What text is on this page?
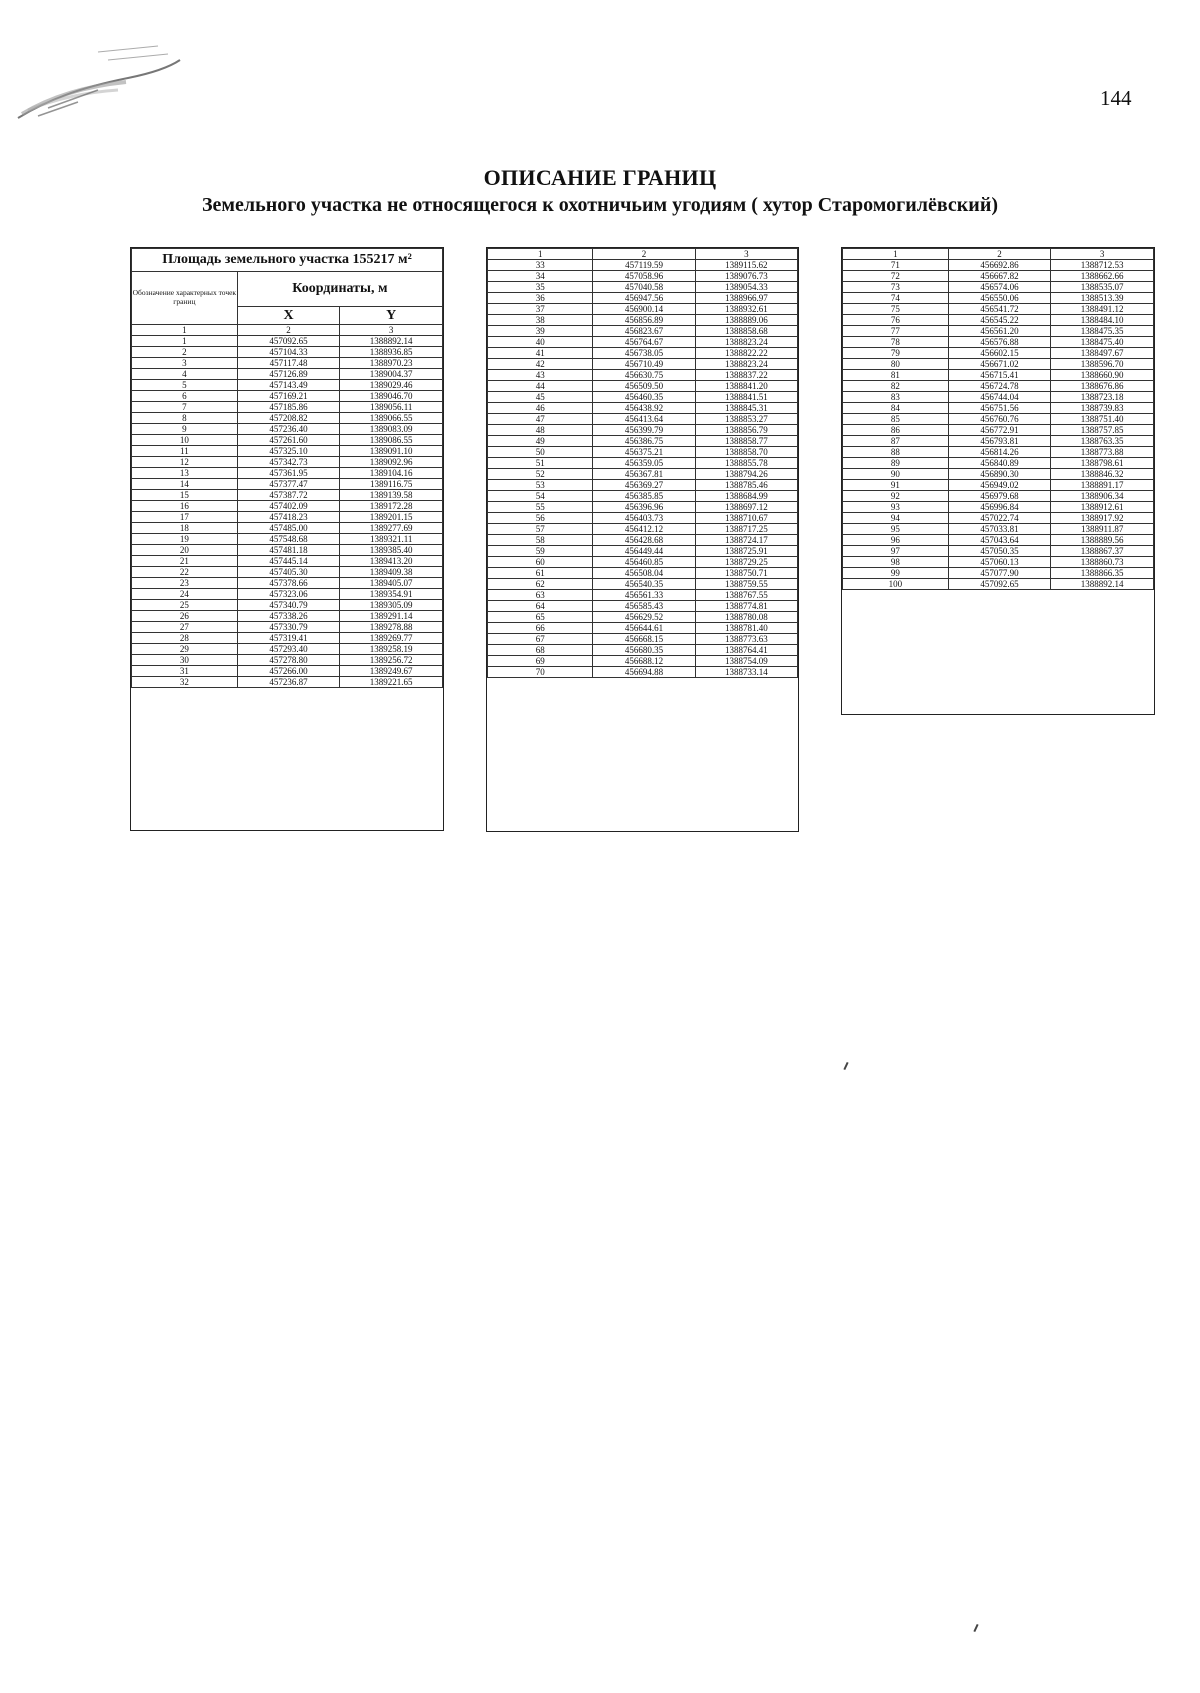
144
ОПИСАНИЕ ГРАНИЦ
Земельного участка не относящегося к охотничьим угодиям ( хутор Старомогилёвский)
Площадь земельного участка 155217 м²		
Обозначение характерных точек границ	Координаты, м	
	X	Y
1	2	3
1	457092.65	1388892.14
2	457104.33	1388936.85
3	457117.48	1388970.23
4	457126.89	1389004.37
5	457143.49	1389029.46
6	457169.21	1389046.70
7	457185.86	1389056.11
8	457208.82	1389066.55
9	457236.40	1389083.09
10	457261.60	1389086.55
11	457325.10	1389091.10
12	457342.73	1389092.96
13	457361.95	1389104.16
14	457377.47	1389116.75
15	457387.72	1389139.58
16	457402.09	1389172.28
17	457418.23	1389201.15
18	457485.00	1389277.69
19	457548.68	1389321.11
20	457481.18	1389385.40
21	457445.14	1389413.20
22	457405.30	1389409.38
23	457378.66	1389405.07
24	457323.06	1389354.91
25	457340.79	1389305.09
26	457338.26	1389291.14
27	457330.79	1389278.88
28	457319.41	1389269.77
29	457293.40	1389258.19
30	457278.80	1389256.72
31	457266.00	1389249.67
32	457236.87	1389221.65
1	2	3
33	457119.59	1389115.62
34	457058.96	1389076.73
35	457040.58	1389054.33
36	456947.56	1388966.97
37	456900.14	1388932.61
38	456856.89	1388889.06
39	456823.67	1388858.68
40	456764.67	1388823.24
41	456738.05	1388822.22
42	456710.49	1388823.24
43	456630.75	1388837.22
44	456509.50	1388841.20
45	456460.35	1388841.51
46	456438.92	1388845.31
47	456413.64	1388853.27
48	456399.79	1388856.79
49	456386.75	1388858.77
50	456375.21	1388858.70
51	456359.05	1388855.78
52	456367.81	1388794.26
53	456369.27	1388785.46
54	456385.85	1388684.99
55	456396.96	1388697.12
56	456403.73	1388710.67
57	456412.12	1388717.25
58	456428.68	1388724.17
59	456449.44	1388725.91
60	456460.85	1388729.25
61	456508.04	1388750.71
62	456540.35	1388759.55
63	456561.33	1388767.55
64	456585.43	1388774.81
65	456629.52	1388780.08
66	456644.61	1388781.40
67	456668.15	1388773.63
68	456680.35	1388764.41
69	456688.12	1388754.09
70	456694.88	1388733.14
1	2	3
71	456692.86	1388712.53
72	456667.82	1388662.66
73	456574.06	1388535.07
74	456550.06	1388513.39
75	456541.72	1388491.12
76	456545.22	1388484.10
77	456561.20	1388475.35
78	456576.88	1388475.40
79	456602.15	1388497.67
80	456671.02	1388596.70
81	456715.41	1388660.90
82	456724.78	1388676.86
83	456744.04	1388723.18
84	456751.56	1388739.83
85	456760.76	1388751.40
86	456772.91	1388757.85
87	456793.81	1388763.35
88	456814.26	1388773.88
89	456840.89	1388798.61
90	456890.30	1388846.32
91	456949.02	1388891.17
92	456979.68	1388906.34
93	456996.84	1388912.61
94	457022.74	1388917.92
95	457033.81	1388911.87
96	457043.64	1388889.56
97	457050.35	1388867.37
98	457060.13	1388860.73
99	457077.90	1388866.35
100	457092.65	1388892.14
